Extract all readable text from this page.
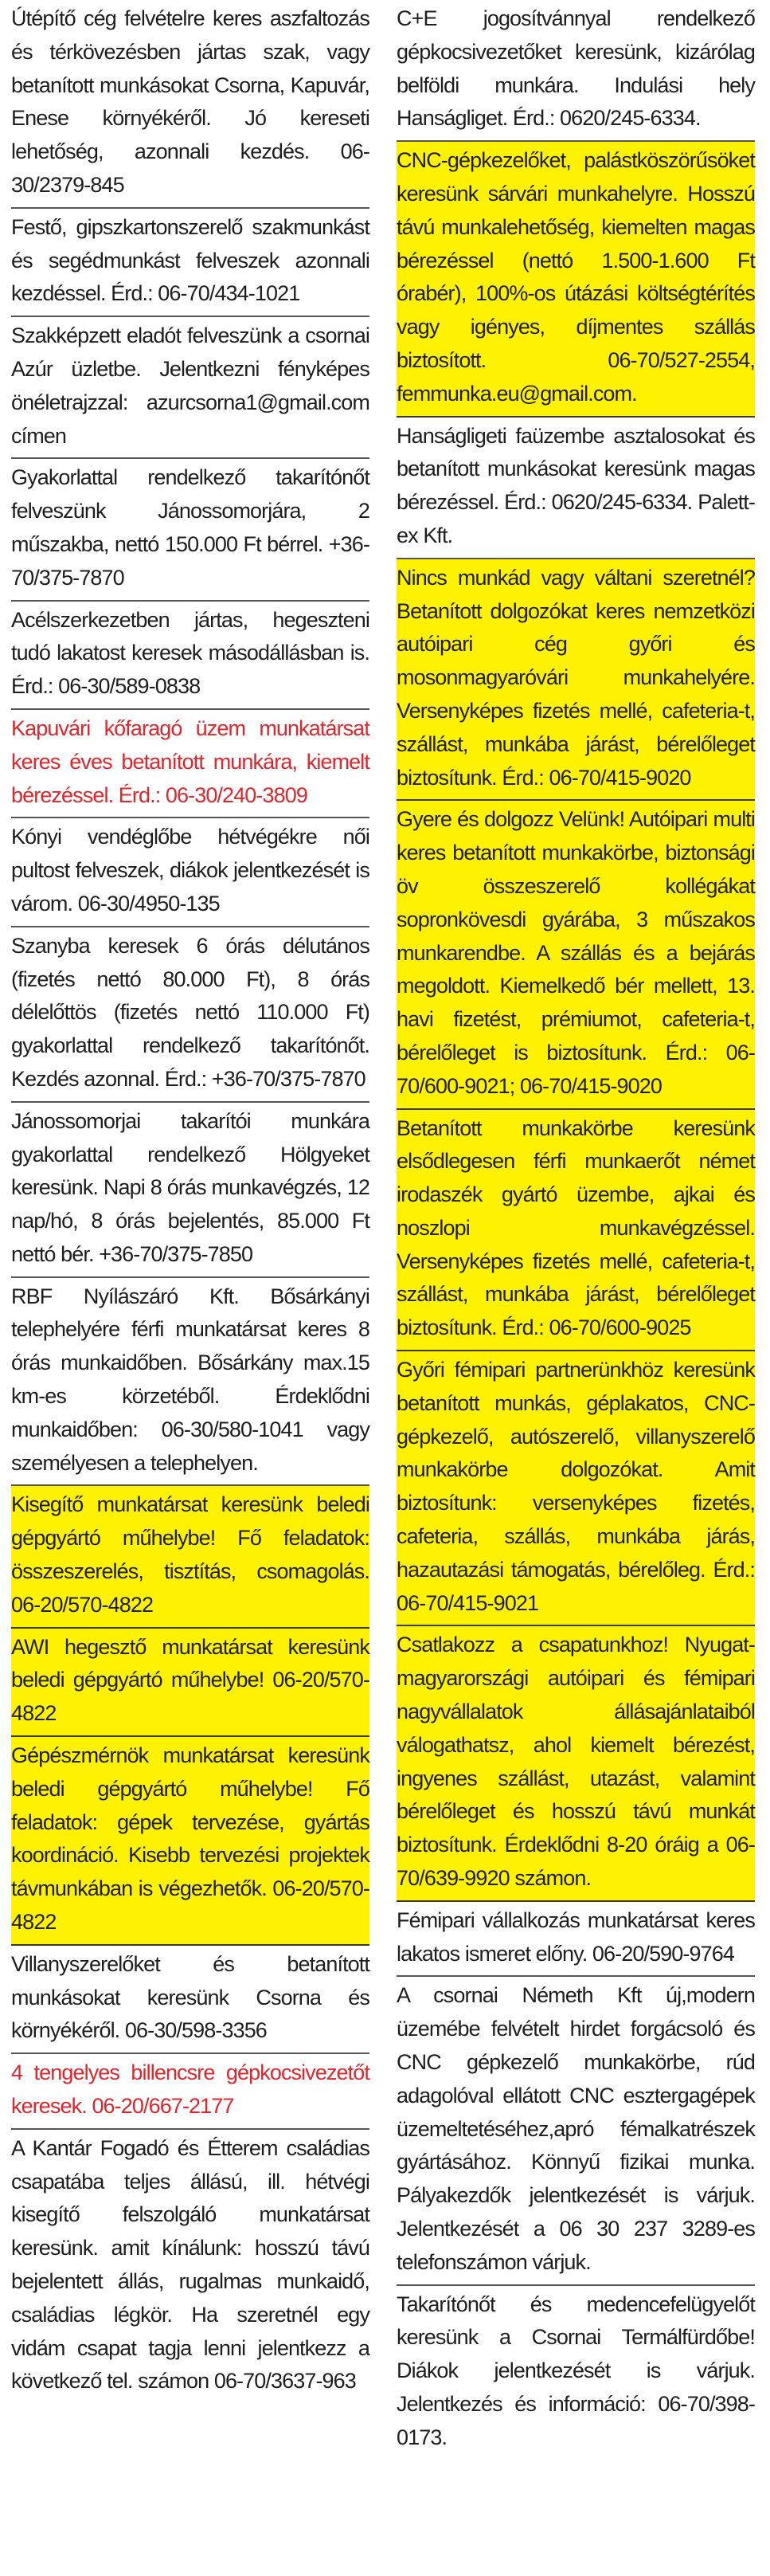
Útépítő cég felvételre keres aszfaltozás és térkövezésben jártas szak, vagy betanított munkásokat Csorna, Kapuvár, Enese környékéről. Jó kereseti lehetőség, azonnali kezdés. 06-30/2379-845
Festő, gipszkartonszerelő szakmunkást és segédmunkást felveszek azonnali kezdéssel. Érd.: 06-70/434-1021
Szakképzett eladót felveszünk a csornai Azúr üzletbe. Jelentkezni fényképes önéletrajzzal: azurcsorna1@gmail.com címen
Gyakorlattal rendelkező takarítónőt felveszünk Jánossomorjára, 2 műszakba, nettó 150.000 Ft bérrel. +36-70/375-7870
Acélszerkezetben jártas, hegeszteni tudó lakatost keresek másodállásban is. Érd.: 06-30/589-0838
Kapuvári kőfaragó üzem munkatársat keres éves betanított munkára, kiemelt bérezéssel. Érd.: 06-30/240-3809
Kónyi vendéglőbe hétvégékre női pultost felveszek, diákok jelentkezését is várom. 06-30/4950-135
Szanyba keresek 6 órás délutános (fizetés nettó 80.000 Ft), 8 órás délelőttös (fizetés nettó 110.000 Ft) gyakorlattal rendelkező takarítónőt. Kezdés azonnal. Érd.: +36-70/375-7870
Jánossomorjai takarítói munkára gyakorlattal rendelkező Hölgyeket keresünk. Napi 8 órás munkavégzés, 12 nap/hó, 8 órás bejelentés, 85.000 Ft nettó bér. +36-70/375-7850
RBF Nyílászáró Kft. Bősárkányi telephelyére férfi munkatársat keres 8 órás munkaidőben. Bősárkány max.15 km-es körzetéből. Érdeklődni munkaidőben: 06-30/580-1041 vagy személyesen a telephelyen.
Kisegítő munkatársat keresünk beledi gépgyártó műhelybe! Fő feladatok: összeszerelés, tisztítás, csomagolás. 06-20/570-4822
AWI hegesztő munkatársat keresünk beledi gépgyártó műhelybe! 06-20/570-4822
Gépészmérnök munkatársat keresünk beledi gépgyártó műhelybe! Fő feladatok: gépek tervezése, gyártás koordináció. Kisebb tervezési projektek távmunkában is végezhetők. 06-20/570-4822
Villanyszerelőket és betanított munkásokat keresünk Csorna és környékéről. 06-30/598-3356
4 tengelyes billencsre gépkocsivezetőt keresek. 06-20/667-2177
A Kantár Fogadó és Étterem családias csapatába teljes állású, ill. hétvégi kisegítő felszolgáló munkatársat keresünk. amit kínálunk: hosszú távú bejelentett állás, rugalmas munkaidő, családias légkör. Ha szeretnél egy vidám csapat tagja lenni jelentkezz a következő tel. számon 06-70/3637-963
C+E jogosítvánnyal rendelkező gépkocsivezetőket keresünk, kizárólag belföldi munkára. Indulási hely Hanságliget. Érd.: 0620/245-6334.
CNC-gépkezelőket, palástköszörűsöket keresünk sárvári munkahelyre. Hosszú távú munkalehetőség, kiemelten magas bérezéssel (nettó 1.500-1.600 Ft órabér), 100%-os útázási költségtérítés vagy igényes, díjmentes szállás biztosított. 06-70/527-2554, femmunka.eu@gmail.com.
Hanságligeti faüzembe asztalosokat és betanított munkásokat keresünk magas bérezéssel. Érd.: 0620/245-6334. Palett-ex Kft.
Nincs munkád vagy váltani szeretnél? Betanított dolgozókat keres nemzetközi autóipari cég győri és mosonmagyaróvári munkahelyére. Versenyképes fizetés mellé, cafeteria-t, szállást, munkába járást, bérelőleget biztosítunk. Érd.: 06-70/415-9020
Gyere és dolgozz Velünk! Autóipari multi keres betanított munkakörbe, biztonsági öv összeszerelő kollégákat sopronkövesdi gyárába, 3 műszakos munkarendbe. A szállás és a bejárás megoldott. Kiemelkedő bér mellett, 13. havi fizetést, prémiumot, cafeteria-t, bérelőleget is biztosítunk. Érd.: 06-70/600-9021; 06-70/415-9020
Betanított munkakörbe keresünk elsődlegesen férfi munkaerőt német irodaszék gyártó üzembe, ajkai és noszlopi munkavégzéssel. Versenyképes fizetés mellé, cafeteria-t, szállást, munkába járást, bérelőleget biztosítunk. Érd.: 06-70/600-9025
Győri fémipari partnerünkhöz keresünk betanított munkás, géplakatos, CNC-gépkezelő, autószerelő, villanyszerelő munkakörbe dolgozókat. Amit biztosítunk: versenyképes fizetés, cafeteria, szállás, munkába járás, hazautazási támogatás, bérelőleg. Érd.: 06-70/415-9021
Csatlakozz a csapatunkhoz! Nyugat-magyarországi autóipari és fémipari nagyvállalatok állásajánlataiból válogathatsz, ahol kiemelt bérezést, ingyenes szállást, utazást, valamint bérelőleget és hosszú távú munkát biztosítunk. Érdeklődni 8-20 óráig a 06-70/639-9920 számon.
Fémipari vállalkozás munkatársat keres lakatos ismeret előny. 06-20/590-9764
A csornai Németh Kft új,modern üzemébe felvételt hirdet forgácsoló és CNC gépkezelő munkakörbe, rúd adagolóval ellátott CNC esztergagépek üzemeltetéséhez,apró fémalkatrészek gyártásához. Könnyű fizikai munka. Pályakezdők jelentkezését is várjuk. Jelentkezését a 06 30 237 3289-es telefonszámon várjuk.
Takarítónőt és medencefelügyelőt keresünk a Csornai Termálfürdőbe! Diákok jelentkezését is várjuk. Jelentkezés és információ: 06-70/398-0173.
